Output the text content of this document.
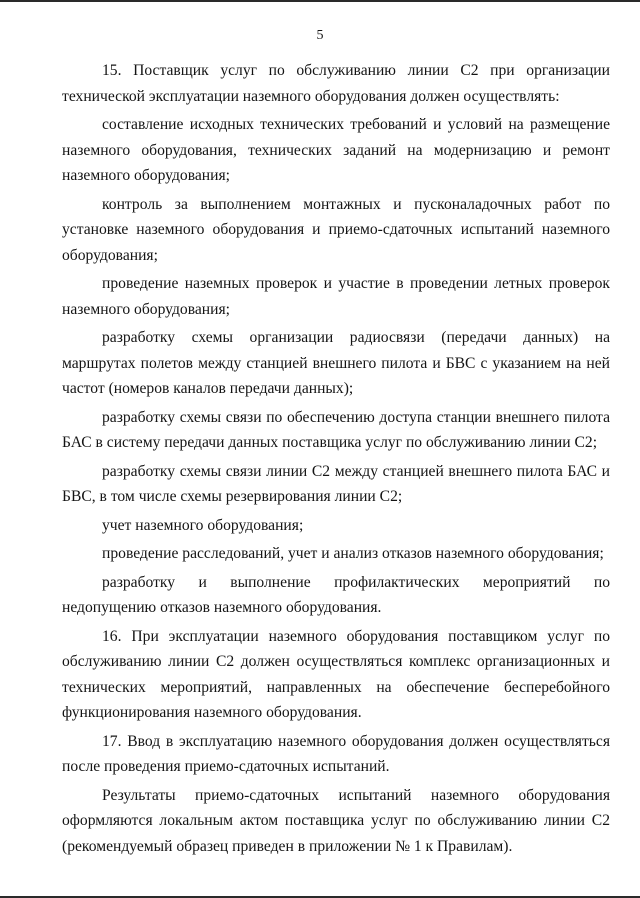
5

15. Поставщик услуг по обслуживанию линии С2 при организации технической эксплуатации наземного оборудования должен осуществлять:

составление исходных технических требований и условий на размещение наземного оборудования, технических заданий на модернизацию и ремонт наземного оборудования;

контроль за выполнением монтажных и пусконаладочных работ по установке наземного оборудования и приемо-сдаточных испытаний наземного оборудования;

проведение наземных проверок и участие в проведении летных проверок наземного оборудования;

разработку схемы организации радиосвязи (передачи данных) на маршрутах полетов между станцией внешнего пилота и БВС с указанием на ней частот (номеров каналов передачи данных);

разработку схемы связи по обеспечению доступа станции внешнего пилота БАС в систему передачи данных поставщика услуг по обслуживанию линии С2;

разработку схемы связи линии С2 между станцией внешнего пилота БАС и БВС, в том числе схемы резервирования линии С2;

учет наземного оборудования;

проведение расследований, учет и анализ отказов наземного оборудования;

разработку и выполнение профилактических мероприятий по недопущению отказов наземного оборудования.

16. При эксплуатации наземного оборудования поставщиком услуг по обслуживанию линии С2 должен осуществляться комплекс организационных и технических мероприятий, направленных на обеспечение бесперебойного функционирования наземного оборудования.

17. Ввод в эксплуатацию наземного оборудования должен осуществляться после проведения приемо-сдаточных испытаний.

Результаты приемо-сдаточных испытаний наземного оборудования оформляются локальным актом поставщика услуг по обслуживанию линии С2 (рекомендуемый образец приведен в приложении № 1 к Правилам).
